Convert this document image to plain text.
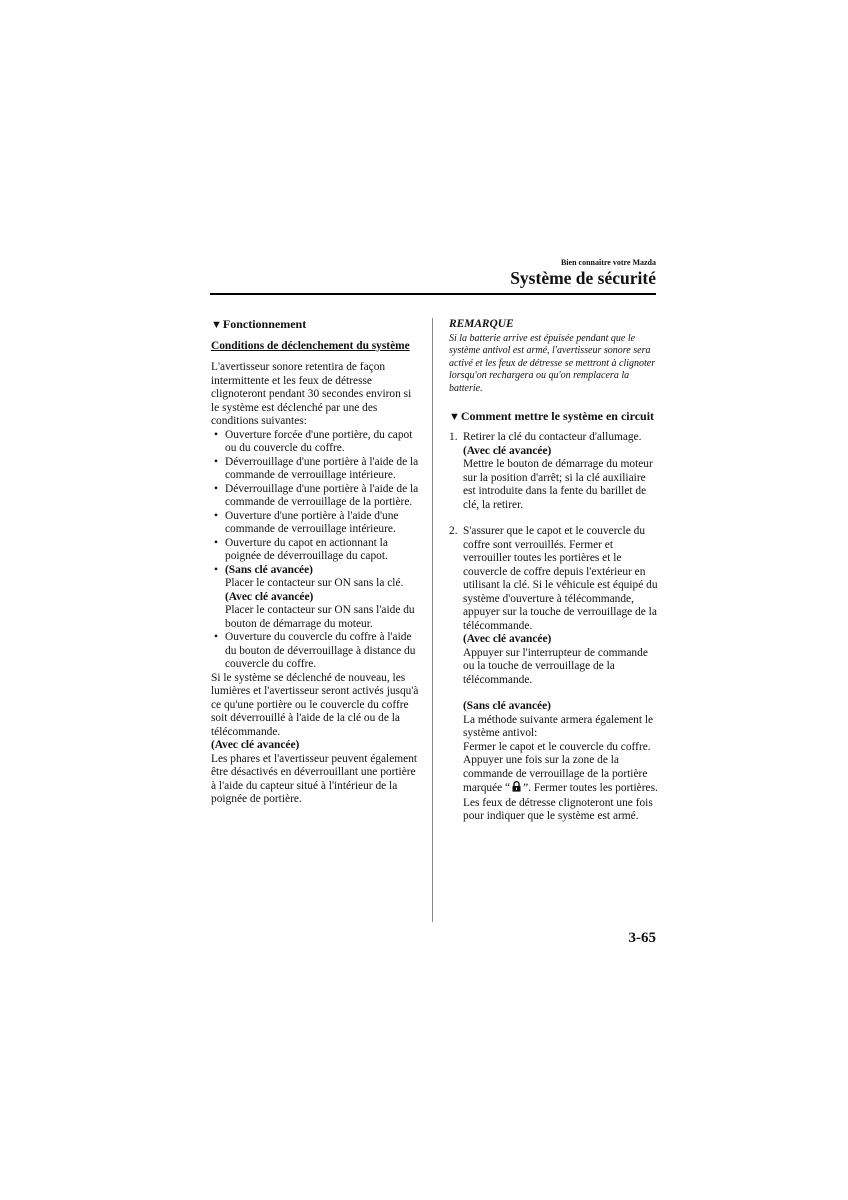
Bien connaître votre Mazda
Système de sécurité
▼Fonctionnement
Conditions de déclenchement du système

L'avertisseur sonore retentira de façon intermittente et les feux de détresse clignoteront pendant 30 secondes environ si le système est déclenché par une des conditions suivantes:

• Ouverture forcée d'une portière, du capot ou du couvercle du coffre.
• Déverrouillage d'une portière à l'aide de la commande de verrouillage intérieure.
• Déverrouillage d'une portière à l'aide de la commande de verrouillage de la portière.
• Ouverture d'une portière à l'aide d'une commande de verrouillage intérieure.
• Ouverture du capot en actionnant la poignée de déverrouillage du capot.
• (Sans clé avancée)
Placer le contacteur sur ON sans la clé.
(Avec clé avancée)
Placer le contacteur sur ON sans l'aide du bouton de démarrage du moteur.
• Ouverture du couvercle du coffre à l'aide du bouton de déverrouillage à distance du couvercle du coffre.

Si le système se déclenché de nouveau, les lumières et l'avertisseur seront activés jusqu'à ce qu'une portière ou le couvercle du coffre soit déverrouillé à l'aide de la clé ou de la télécommande.

(Avec clé avancée)

Les phares et l'avertisseur peuvent également être désactivés en déverrouillant une portière à l'aide du capteur situé à l'intérieur de la poignée de portière.

REMARQUE
Si la batterie arrive est épuisée pendant que le système antivol est armé, l'avertisseur sonore sera activé et les feux de détresse se mettront à clignoter lorsqu'on rechargera ou qu'on remplacera la batterie.
▼Comment mettre le système en circuit
1. Retirer la clé du contacteur d'allumage.
(Avec clé avancée)
Mettre le bouton de démarrage du moteur sur la position d'arrêt; si la clé auxiliaire est introduite dans la fente du barillet de clé, la retirer.
2. S'assurer que le capot et le couvercle du coffre sont verrouillés. Fermer et verrouiller toutes les portières et le couvercle de coffre depuis l'extérieur en utilisant la clé. Si le véhicule est équipé du système d'ouverture à télécommande, appuyer sur la touche de verrouillage de la télécommande.
(Avec clé avancée)
Appuyer sur l'interrupteur de commande ou la touche de verrouillage de la télécommande.
(Sans clé avancée)
La méthode suivante armera également le système antivol:
Fermer le capot et le couvercle du coffre. Appuyer une fois sur la zone de la commande de verrouillage de la portière marquée “ ”. Fermer toutes les portières.
Les feux de détresse clignoteront une fois pour indiquer que le système est armé.
3-65
